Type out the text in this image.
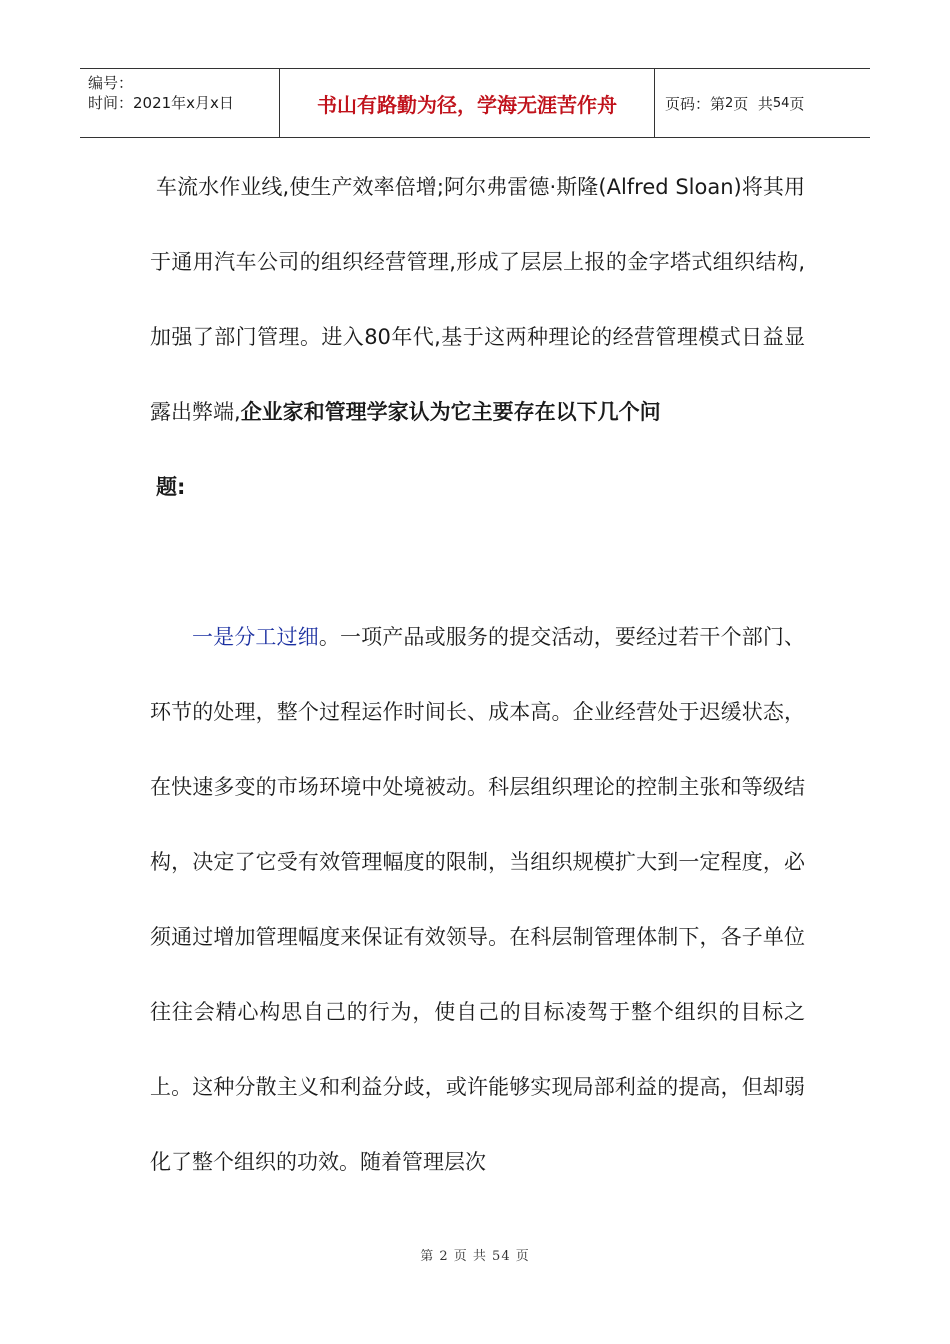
编号：
时间：2021年x月x日	书山有路勤为径，学海无涯苦作舟	页码：第 2 页  共 54 页

车流水作业线,使生产效率倍增;阿尔弗雷德·斯隆(Alfred Sloan)将其用于通用汽车公司的组织经营管理,形成了层层上报的金字塔式组织结构,加强了部门管理。进入80年代,基于这两种理论的经营管理模式日益显露出弊端,企业家和管理学家认为它主要存在以下几个问
题:

一是分工过细。一项产品或服务的提交活动，要经过若干个部门、环节的处理，整个过程运作时间长、成本高。企业经营处于迟缓状态，在快速多变的市场环境中处境被动。科层组织理论的控制主张和等级结构，决定了它受有效管理幅度的限制，当组织规模扩大到一定程度，必须通过增加管理幅度来保证有效领导。在科层制管理体制下，各子单位往往会精心构思自己的行为，使自己的目标凌驾于整个组织的目标之上。这种分散主义和利益分歧，或许能够实现局部利益的提高，但却弱化了整个组织的功效。随着管理层次

第 2 页 共 54 页
